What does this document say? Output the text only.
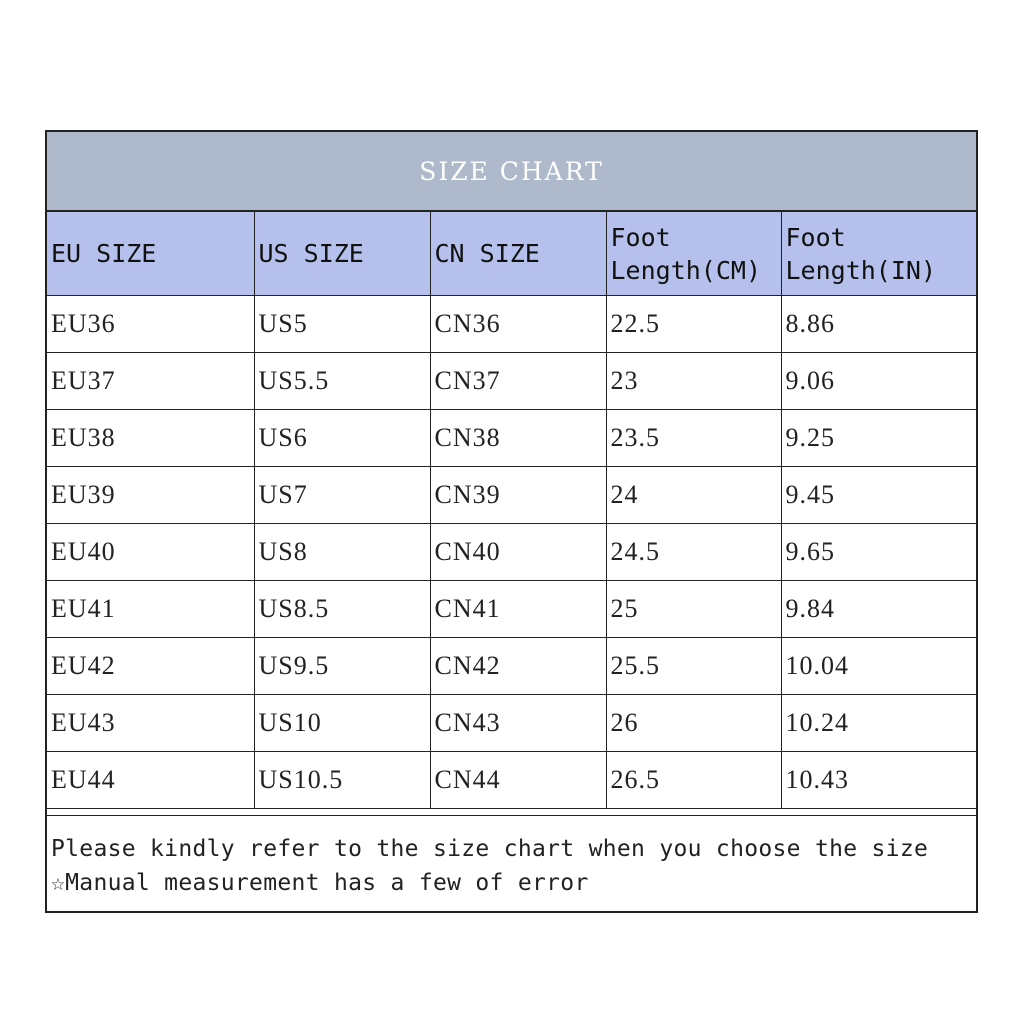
SIZE CHART
EU SIZE	US SIZE	CN SIZE	Foot Length(CM)	Foot Length(IN)
EU36	US5	CN36	22.5	8.86
EU37	US5.5	CN37	23	9.06
EU38	US6	CN38	23.5	9.25
EU39	US7	CN39	24	9.45
EU40	US8	CN40	24.5	9.65
EU41	US8.5	CN41	25	9.84
EU42	US9.5	CN42	25.5	10.04
EU43	US10	CN43	26	10.24
EU44	US10.5	CN44	26.5	10.43
Please kindly refer to the size chart when you choose the size
☆Manual measurement has a few of error
